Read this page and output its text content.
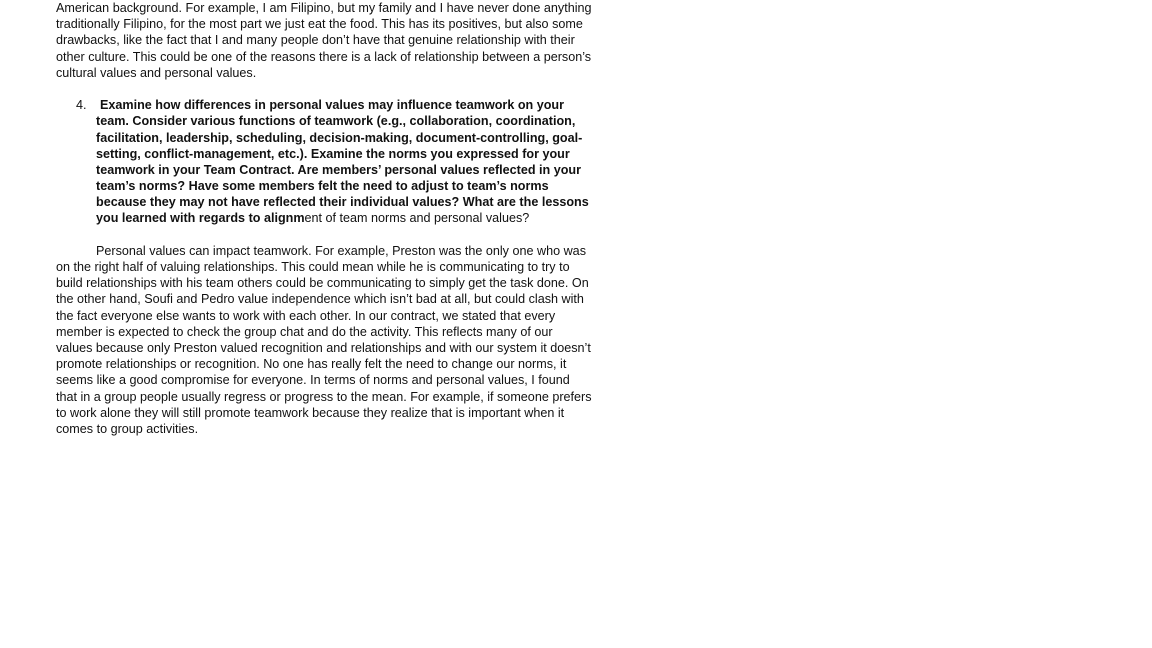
American background. For example, I am Filipino, but my family and I have never done anything
traditionally Filipino, for the most part we just eat the food. This has its positives, but also some
drawbacks, like the fact that I and many people don’t have that genuine relationship with their
other culture. This could be one of the reasons there is a lack of relationship between a person’s
cultural values and personal values.
4. Examine how differences in personal values may influence teamwork on your
team. Consider various functions of teamwork (e.g., collaboration, coordination,
facilitation, leadership, scheduling, decision-making, document-controlling, goal-
setting, conflict-management, etc.). Examine the norms you expressed for your
teamwork in your Team Contract. Are members’ personal values reflected in your
team’s norms? Have some members felt the need to adjust to team’s norms
because they may not have reflected their individual values? What are the lessons
you learned with regards to alignment of team norms and personal values?
Personal values can impact teamwork. For example, Preston was the only one who was
on the right half of valuing relationships. This could mean while he is communicating to try to
build relationships with his team others could be communicating to simply get the task done. On
the other hand, Soufi and Pedro value independence which isn’t bad at all, but could clash with
the fact everyone else wants to work with each other. In our contract, we stated that every
member is expected to check the group chat and do the activity. This reflects many of our
values because only Preston valued recognition and relationships and with our system it doesn’t
promote relationships or recognition. No one has really felt the need to change our norms, it
seems like a good compromise for everyone. In terms of norms and personal values, I found
that in a group people usually regress or progress to the mean. For example, if someone prefers
to work alone they will still promote teamwork because they realize that is important when it
comes to group activities.
